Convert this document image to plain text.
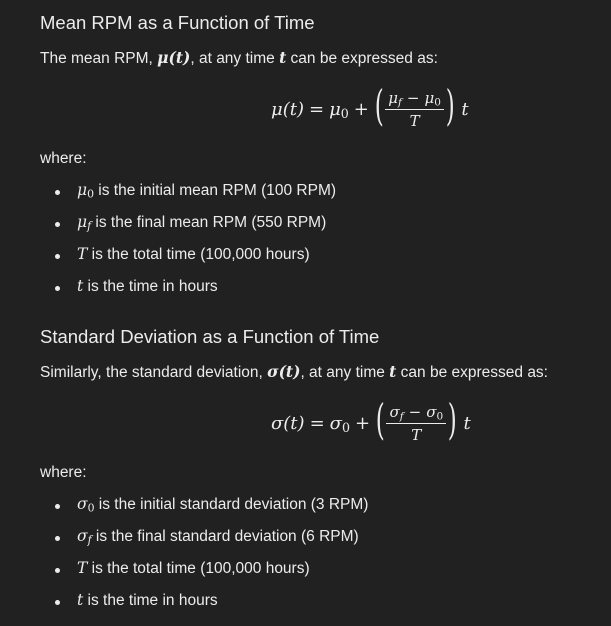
Mean RPM as a Function of Time
The mean RPM, μ(t), at any time t can be expressed as:
$\mu(t) = \mu_0$ + ( $\frac{\mu_f - \mu_0}{T}$ ) t
where:
$\mu_0$ is the initial mean RPM (100 RPM)
$\mu_f$ is the final mean RPM (550 RPM)
T is the total time (100,000 hours)
t is the time in hours
Standard Deviation as a Function of Time
Similarly, the standard deviation, σ(t), at any time t can be expressed as:
$\sigma(t) = \sigma_0$ + ( $\frac{\sigma_f - \sigma_0}{T}$ ) t
where:
$\sigma_0$ is the initial standard deviation (3 RPM)
$\sigma_f$ is the final standard deviation (6 RPM)
T is the total time (100,000 hours)
t is the time in hours
